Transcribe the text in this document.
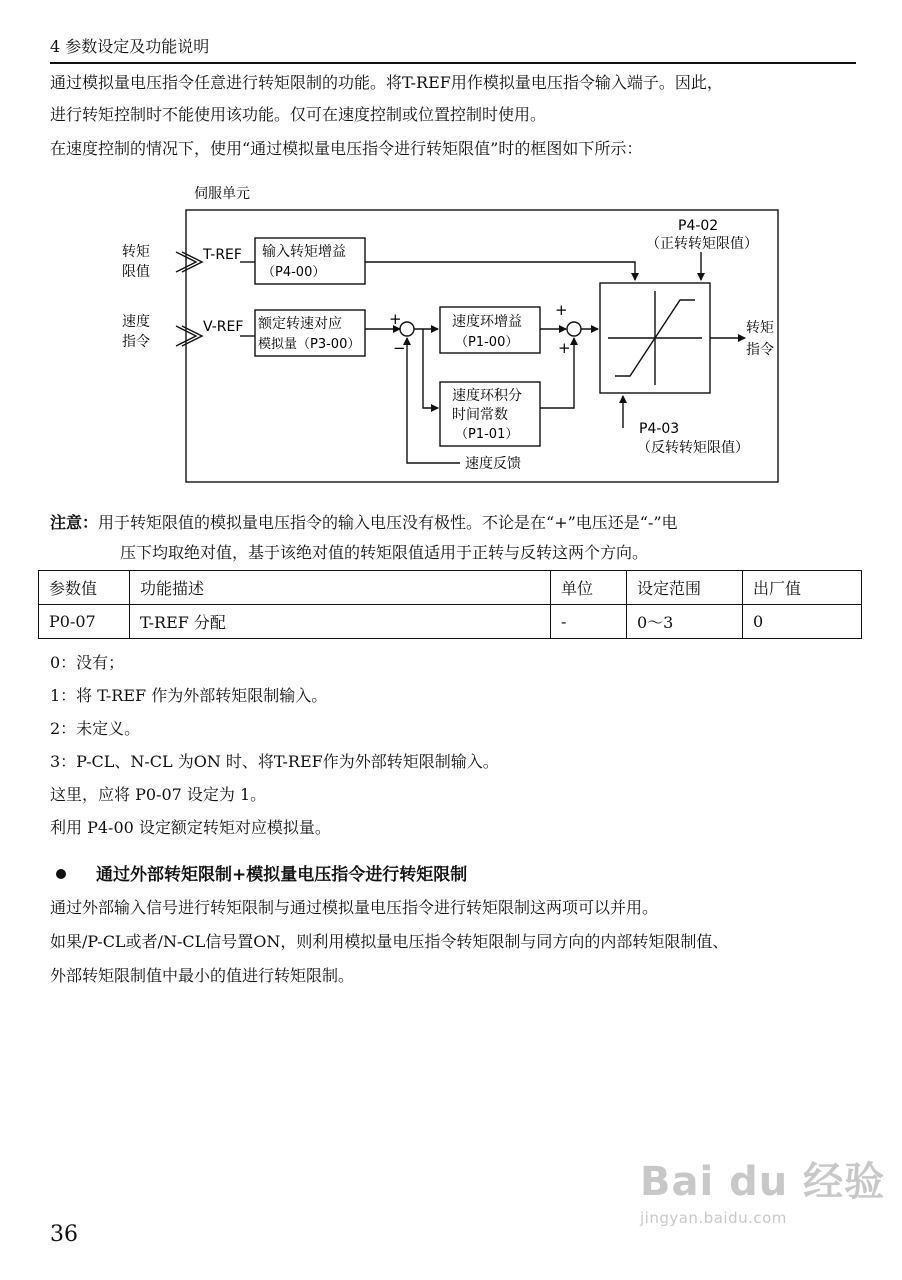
4 参数设定及功能说明

通过模拟量电压指令任意进行转矩限制的功能。将T-REF用作模拟量电压指令输入端子。因此，

进行转矩控制时不能使用该功能。仅可在速度控制或位置控制时使用。

在速度控制的情况下，使用“通过模拟量电压指令进行转矩限值”时的框图如下所示：

伺服单元
转矩
限值
速度
指令
T-REF
V-REF
输入转矩增益
（P4-00）
额定转速对应
模拟量（P3-00）
速度环增益
（P1-00）
速度环积分
时间常数
（P1-01）
+
−
+
+
P4-02
（正转转矩限值）
P4-03
（反转转矩限值）
转矩
指令
速度反馈
注意：用于转矩限值的模拟量电压指令的输入电压没有极性。不论是在“+”电压还是“-”电
压下均取绝对值，基于该绝对值的转矩限值适用于正转与反转这两个方向。
参数值	功能描述	单位	设定范围	出厂值
P0-07	T-REF 分配	-	0～3	0
0：没有；
1：将 T-REF 作为外部转矩限制输入。
2：未定义。
3：P-CL、N-CL 为ON 时、将T-REF作为外部转矩限制输入。
这里，应将 P0-07 设定为 1。
利用 P4-00 设定额定转矩对应模拟量。
通过外部转矩限制+模拟量电压指令进行转矩限制

通过外部输入信号进行转矩限制与通过模拟量电压指令进行转矩限制这两项可以并用。

如果/P-CL或者/N-CL信号置ON，则利用模拟量电压指令转矩限制与同方向的内部转矩限制值、

外部转矩限制值中最小的值进行转矩限制。

36
Bai du 经验
jingyan.baidu.com
